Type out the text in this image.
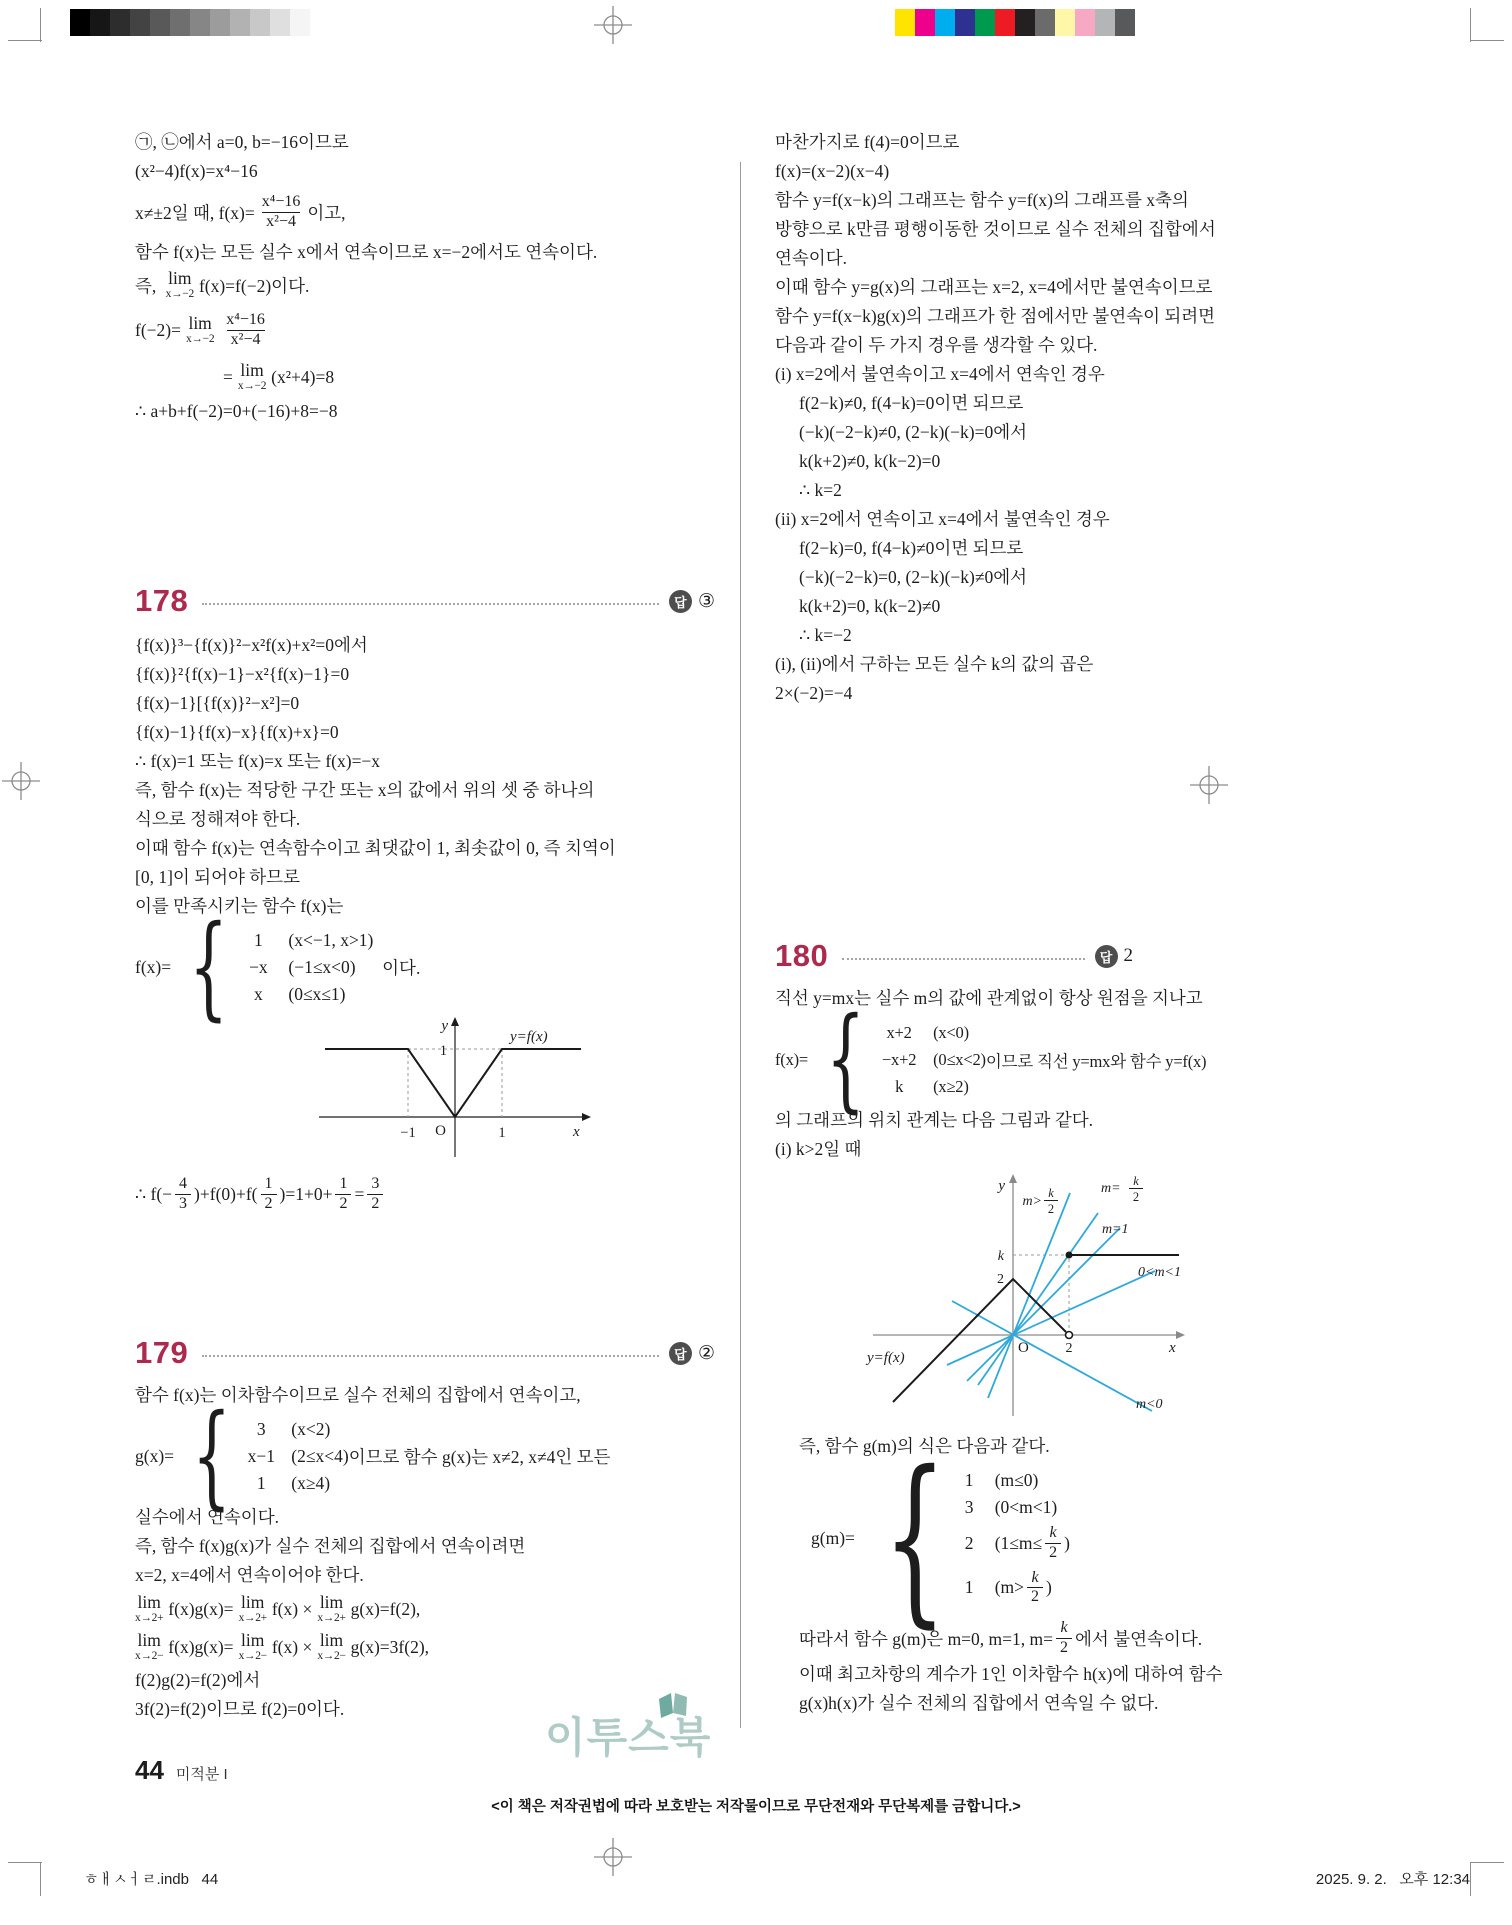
㉠, ㉡에서 a=0, b=−16이므로
(x²−4)f(x)=x⁴−16
x≠±2일 때, $f(x)= \frac{\text{x⁴−16}}{\text{x²−4}}$ 이고,
함수 f(x)는 모든 실수 x에서 연속이므로 x=−2에서도 연속이다.
즉, lim
x→−2 f(x)=f(−2)이다.
f(−2)= lim
$x\to-2 \frac{\text{x⁴−16}}{\text{x²−4}}$
= lim
x→−2 (x²+4)=8
∴ a+b+f(−2)=0+(−16)+8=−8
178	답 ③
{f(x)}³−{f(x)}²−x²f(x)+x²=0에서
{f(x)}²{f(x)−1}−x²{f(x)−1}=0
{f(x)−1}[{f(x)}²−x²]=0
{f(x)−1}{f(x)−x}{f(x)+x}=0
∴ f(x)=1 또는 f(x)=x 또는 f(x)=−x
즉, 함수 f(x)는 적당한 구간 또는 x의 값에서 위의 셋 중 하나의
식으로 정해져야 한다.
이때 함수 f(x)는 연속함수이고 최댓값이 1, 최솟값이 0, 즉 치역이
[0, 1]이 되어야 하므로
이를 만족시키는 함수 f(x)는
f(x)= {	1	(x<−1, x>1)
−x	(−1≤x<0)
x	(0≤x≤1)
이다.
y
x
O
−1	1
1
y=f(x)
∴ $f(- \frac{4}{3} )+f(0)+f( \frac{1}{2} )=1+0+ \frac{1}{2} = \frac{3}{2}$
179	답 ②
함수 f(x)는 이차함수이므로 실수 전체의 집합에서 연속이고,
g(x)= {	3	(x<2)
x−1 (2≤x<4)
1	(x≥4)
이므로 함수 g(x)는 x≠2, x≠4인 모든
실수에서 연속이다.
즉, 함수 f(x)g(x)가 실수 전체의 집합에서 연속이려면
x=2, x=4에서 연속이어야 한다.
lim
x→2+ f(x)g(x)= lim
x→2+ f(x) × lim
x→2+ g(x)=f(2),
lim
x→2− f(x)g(x)= lim
x→2− f(x) × lim
x→2− g(x)=3f(2),
f(2)g(2)=f(2)에서
3f(2)=f(2)이므로 f(2)=0이다.
마찬가지로 f(4)=0이므로
f(x)=(x−2)(x−4)
함수 y=f(x−k)의 그래프는 함수 y=f(x)의 그래프를 x축의
방향으로 k만큼 평행이동한 것이므로 실수 전체의 집합에서
연속이다.
이때 함수 y=g(x)의 그래프는 x=2, x=4에서만 불연속이므로
함수 y=f(x−k)g(x)의 그래프가 한 점에서만 불연속이 되려면
다음과 같이 두 가지 경우를 생각할 수 있다.
(i) x=2에서 불연속이고 x=4에서 연속인 경우
f(2−k)≠0, f(4−k)=0이면 되므로
(−k)(−2−k)≠0, (2−k)(−k)=0에서
k(k+2)≠0, k(k−2)=0
∴ k=2
(ii) x=2에서 연속이고 x=4에서 불연속인 경우
f(2−k)=0, f(4−k)≠0이면 되므로
(−k)(−2−k)=0, (2−k)(−k)≠0에서
k(k+2)=0, k(k−2)≠0
∴ k=−2
(i), (ii)에서 구하는 모든 실수 k의 값의 곱은
2×(−2)=−4
180	답 2
직선 y=mx는 실수 m의 값에 관계없이 항상 원점을 지나고
f(x)= {	x+2	(x<0)
−x+2	(0≤x<2)
k	(x≥2)
이므로 직선 y=mx와 함수 y=f(x)
의 그래프의 위치 관계는 다음 그림과 같다.
(i) k>2일 때
y
x
O	2
k
2
m>
k
2
m= k
2
m=1
0<m<1
m<0
y=f(x)
즉, 함수 g(m)의 식은 다음과 같다.
g(m)= { 1	(m≤0)
3	(0<m<1)
2	($1\le m\le \frac{k}{2}$ )
1	($m> \frac{k}{2}$ )
따라서 함수 g(m)은 m=0, m=1, $m= \frac{k}{2}$ 에서 불연속이다.
이때 최고차항의 계수가 1인 이차함수 h(x)에 대하여 함수
g(x)h(x)가 실수 전체의 집합에서 연속일 수 없다.
44 미적분 I
이투스북
<이 책은 저작권법에 따라 보호받는 저작물이므로 무단전재와 무단복제를 금합니다.>
ㅎㅐㅅㅓㄹ.indb   44	2025. 9. 2.   오후 12:34
